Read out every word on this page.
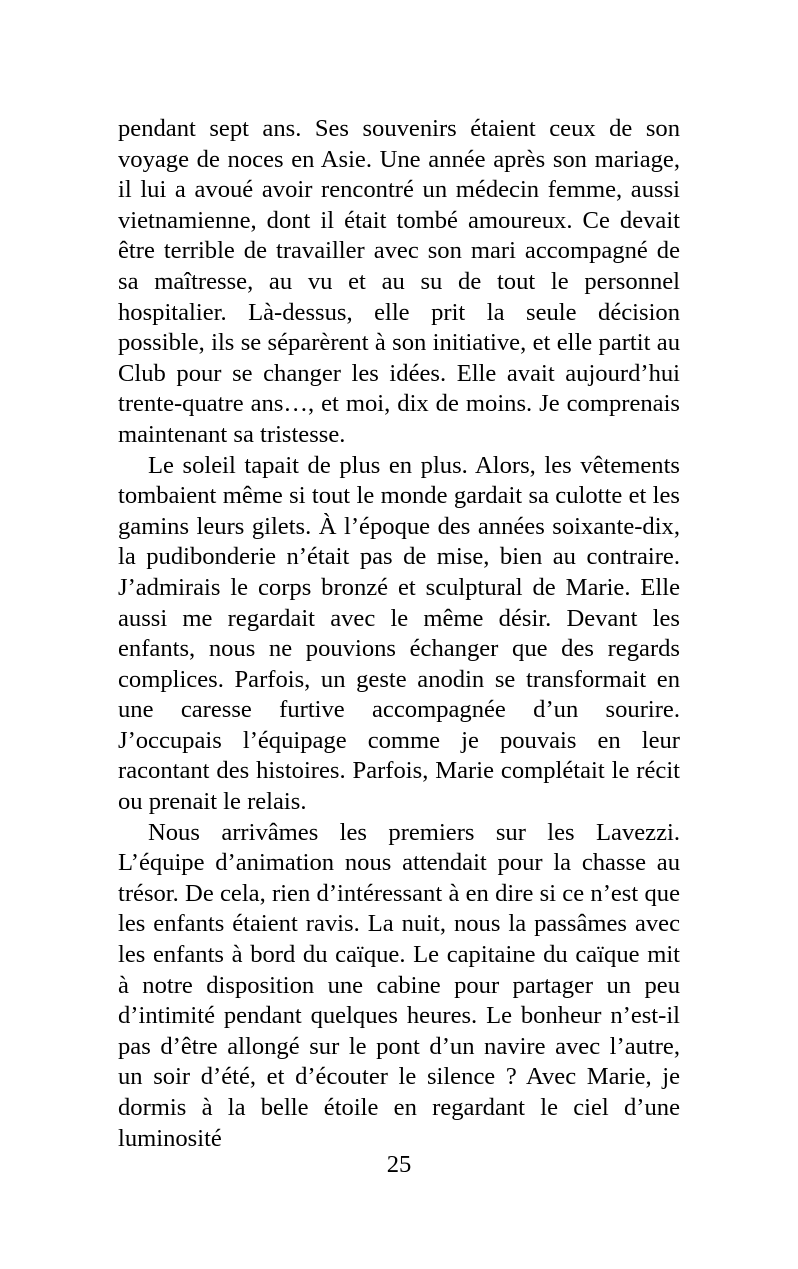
pendant sept ans. Ses souvenirs étaient ceux de son voyage de noces en Asie. Une année après son mariage, il lui a avoué avoir rencontré un médecin femme, aussi vietnamienne, dont il était tombé amoureux. Ce devait être terrible de travailler avec son mari accompagné de sa maîtresse, au vu et au su de tout le personnel hospitalier. Là-dessus, elle prit la seule décision possible, ils se séparèrent à son initiative, et elle partit au Club pour se changer les idées. Elle avait aujourd’hui trente-quatre ans…, et moi, dix de moins. Je comprenais maintenant sa tristesse.

Le soleil tapait de plus en plus. Alors, les vêtements tombaient même si tout le monde gardait sa culotte et les gamins leurs gilets. À l’époque des années soixante-dix, la pudibonderie n’était pas de mise, bien au contraire. J’admirais le corps bronzé et sculptural de Marie. Elle aussi me regardait avec le même désir. Devant les enfants, nous ne pouvions échanger que des regards complices. Parfois, un geste anodin se transformait en une caresse furtive accompagnée d’un sourire. J’occupais l’équipage comme je pouvais en leur racontant des histoires. Parfois, Marie complétait le récit ou prenait le relais.

Nous arrivâmes les premiers sur les Lavezzi. L’équipe d’animation nous attendait pour la chasse au trésor. De cela, rien d’intéressant à en dire si ce n’est que les enfants étaient ravis. La nuit, nous la passâmes avec les enfants à bord du caïque. Le capitaine du caïque mit à notre disposition une cabine pour partager un peu d’intimité pendant quelques heures. Le bonheur n’est-il pas d’être allongé sur le pont d’un navire avec l’autre, un soir d’été, et d’écouter le silence ? Avec Marie, je dormis à la belle étoile en regardant le ciel d’une luminosité

25
